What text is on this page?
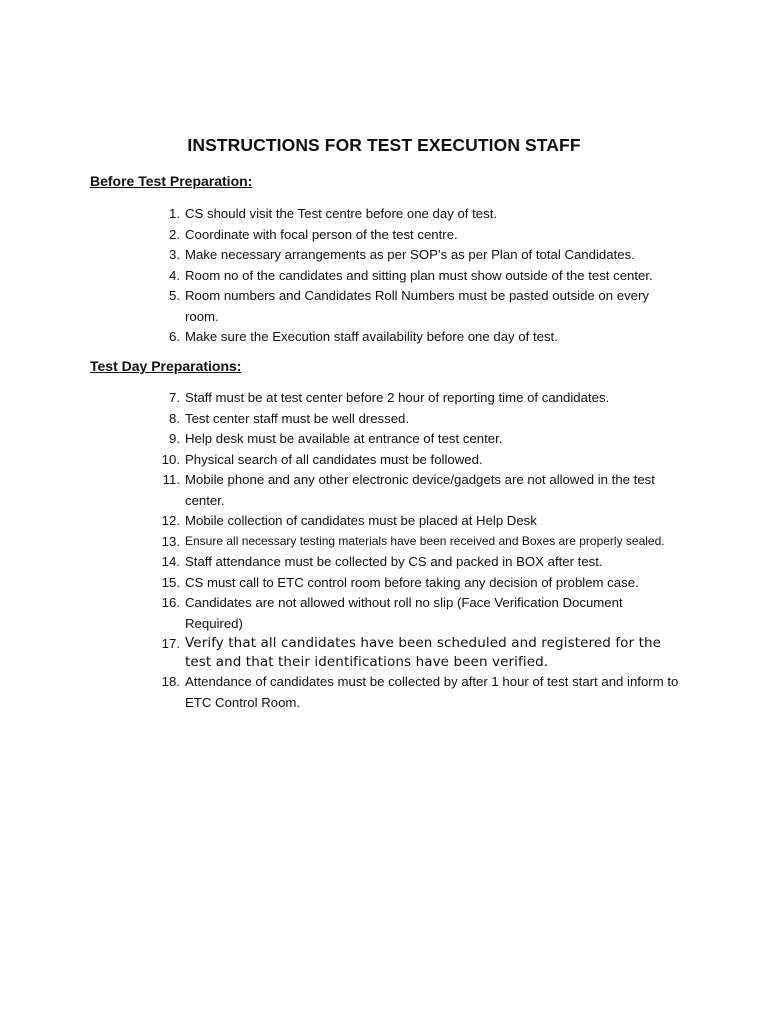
INSTRUCTIONS FOR TEST EXECUTION STAFF
Before Test Preparation:
1. CS should visit the Test centre before one day of test.
2. Coordinate with focal person of the test centre.
3. Make necessary arrangements as per SOP’s as per Plan of total Candidates.
4. Room no of the candidates and sitting plan must show outside of the test center.
5. Room numbers and Candidates Roll Numbers must be pasted outside on every room.
6. Make sure the Execution staff availability before one day of test.
Test Day Preparations:
7. Staff must be at test center before 2 hour of reporting time of candidates.
8. Test center staff must be well dressed.
9. Help desk must be available at entrance of test center.
10. Physical search of all candidates must be followed.
11. Mobile phone and any other electronic device/gadgets are not allowed in the test center.
12. Mobile collection of candidates must be placed at Help Desk
13. Ensure all necessary testing materials have been received and Boxes are properly sealed.
14. Staff attendance must be collected by CS and packed in BOX after test.
15. CS must call to ETC control room before taking any decision of problem case.
16. Candidates are not allowed without roll no slip (Face Verification Document Required)
17. Verify that all candidates have been scheduled and registered for the test and that their identifications have been verified.
18. Attendance of candidates must be collected by after 1 hour of test start and inform to ETC Control Room.
